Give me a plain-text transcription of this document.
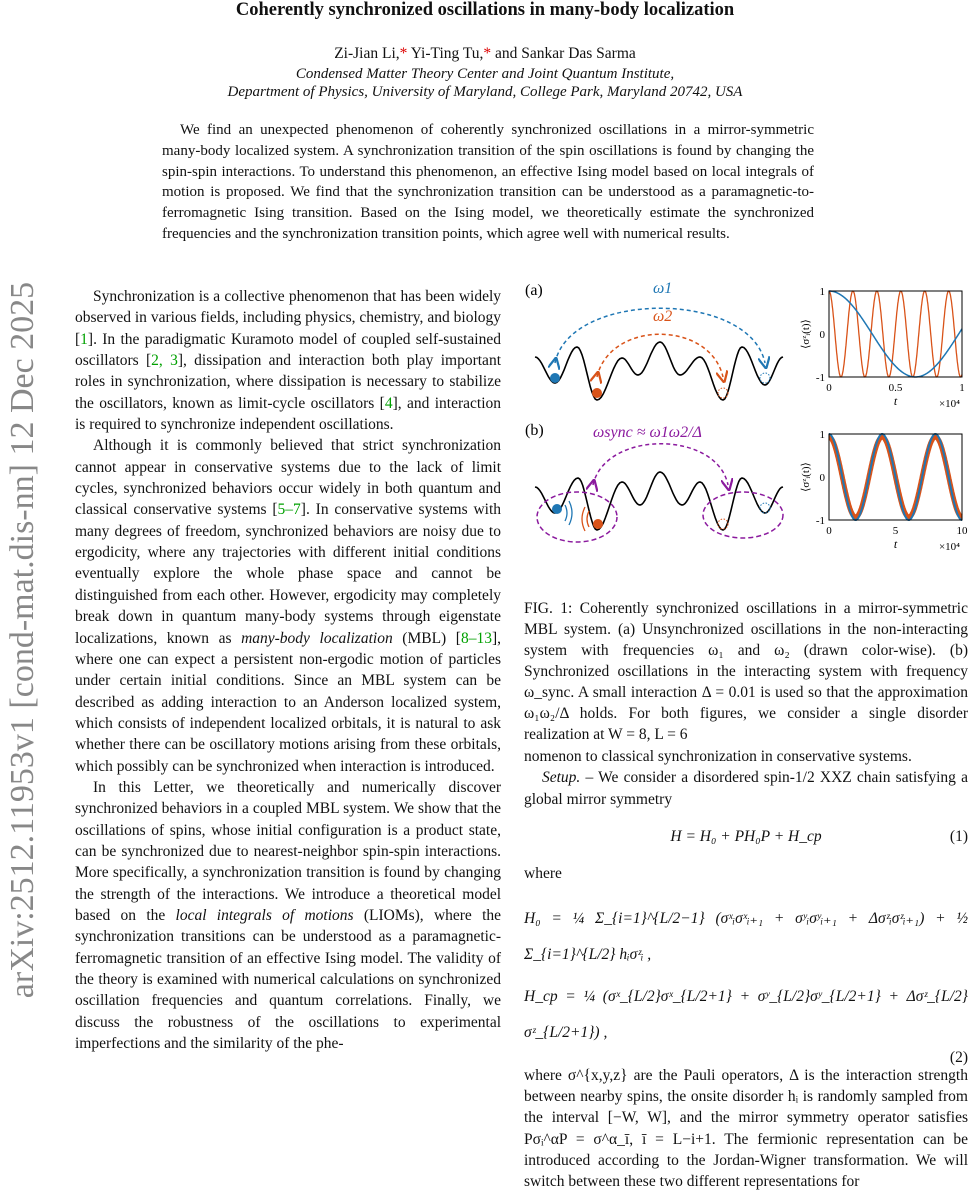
Coherently synchronized oscillations in many-body localization
Zi-Jian Li,* Yi-Ting Tu,* and Sankar Das Sarma
Condensed Matter Theory Center and Joint Quantum Institute,
Department of Physics, University of Maryland, College Park, Maryland 20742, USA
We find an unexpected phenomenon of coherently synchronized oscillations in a mirror-symmetric many-body localized system. A synchronization transition of the spin oscillations is found by changing the spin-spin interactions. To understand this phenomenon, an effective Ising model based on local integrals of motion is proposed. We find that the synchronization transition can be understood as a paramagnetic-to-ferromagnetic Ising transition. Based on the Ising model, we theoretically estimate the synchronized frequencies and the synchronization transition points, which agree well with numerical results.
arXiv:2512.11953v1 [cond-mat.dis-nn] 12 Dec 2025	Synchronization is a collective phenomenon that has been widely observed in various fields, including physics, chemistry, and biology [1]. In the paradigmatic Kuramoto model of coupled self-sustained oscillators [2, 3], dissipation and interaction both play important roles in synchronization, where dissipation is necessary to stabilize the oscillators, known as limit-cycle oscillators [4], and interaction is required to synchronize independent oscillations.

Although it is commonly believed that strict synchronization cannot appear in conservative systems due to the lack of limit cycles, synchronized behaviors occur widely in both quantum and classical conservative systems [5–7]. In conservative systems with many degrees of freedom, synchronized behaviors are noisy due to ergodicity, where any trajectories with different initial conditions eventually explore the whole phase space and cannot be distinguished from each other. However, ergodicity may completely break down in quantum many-body systems through eigenstate localizations, known as many-body localization (MBL) [8–13], where one can expect a persistent non-ergodic motion of particles under certain initial conditions. Since an MBL system can be described as adding interaction to an Anderson localized system, which consists of independent localized orbitals, it is natural to ask whether there can be oscillatory motions arising from these orbitals, which possibly can be synchronized when interaction is introduced.

In this Letter, we theoretically and numerically discover synchronized behaviors in a coupled MBL system. We show that the oscillations of spins, whose initial configuration is a product state, can be synchronized due to nearest-neighbor spin-spin interactions. More specifically, a synchronization transition is found by changing the strength of the interactions. We introduce a theoretical model based on the local integrals of motions (LIOMs), where the synchronization transitions can be understood as a paramagnetic-ferromagnetic transition of an effective Ising model. The validity of the theory is examined with numerical calculations on synchronized oscillation frequencies and quantum correlations. Finally, we discuss the robustness of the oscillations to experimental imperfections and the similarity of the phe-

(a)
(b)
ω1
ω2
ωsync ≈ ω1ω2/Δ
0	0.5	1
1
0
-1
t	×10⁴
⟨σᶻᵢ(t)⟩
0	5	10
1
0
-1
t	×10⁴
⟨σᶻᵢ(t)⟩
FIG. 1: Coherently synchronized oscillations in a mirror-symmetric MBL system. (a) Unsynchronized oscillations in the non-interacting system with frequencies ω₁ and ω₂ (drawn color-wise). (b) Synchronized oscillations in the interacting system with frequency ω_sync. A small interaction Δ = 0.01 is used so that the approximation ω₁ω₂/Δ holds. For both figures, we consider a single disorder realization at W = 8, L = 6

nomenon to classical synchronization in conservative systems.

Setup. – We consider a disordered spin-1/2 XXZ chain satisfying a global mirror symmetry

H = H₀ + PH₀P + H_cp	(1)

where

H₀ = ¼ Σ_{i=1}^{L/2−1} (σˣᵢσˣᵢ₊₁ + σʸᵢσʸᵢ₊₁ + Δσᶻᵢσᶻᵢ₊₁) + ½ Σ_{i=1}^{L/2} hᵢσᶻᵢ ,
H_cp = ¼ (σˣ_{L/2}σˣ_{L/2+1} + σʸ_{L/2}σʸ_{L/2+1} + Δσᶻ_{L/2}σᶻ_{L/2+1}) ,
(2)

where σ^{x,y,z} are the Pauli operators, Δ is the interaction strength between nearby spins, the onsite disorder hᵢ is randomly sampled from the interval [−W, W], and the mirror symmetry operator satisfies Pσᵢ^αP = σ^α_ī, ī = L−i+1. The fermionic representation can be introduced according to the Jordan-Wigner transformation. We will switch between these two different representations for
